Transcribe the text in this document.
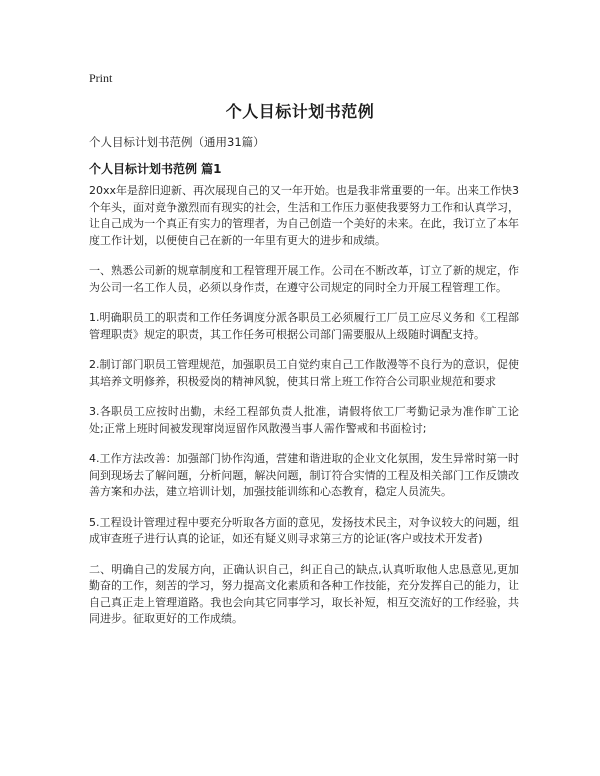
Print
个人目标计划书范例
个人目标计划书范例（通用31篇）
个人目标计划书范例 篇1

20xx年是辞旧迎新、再次展现自己的又一年开始。也是我非常重要的一年。出来工作快3个年头，面对竟争激烈而有现实的社会，生活和工作压力驱使我要努力工作和认真学习，让自己成为一个真正有实力的管理者，为自己创造一个美好的未来。在此，我订立了本年度工作计划，以便使自己在新的一年里有更大的进步和成绩。

一、熟悉公司新的规章制度和工程管理开展工作。公司在不断改革，订立了新的规定，作为公司一名工作人员，必须以身作责，在遵守公司规定的同时全力开展工程管理工作。

1.明确职员工的职责和工作任务调度分派各职员工必须履行工厂员工应尽义务和《工程部管理职责》规定的职责，其工作任务可根据公司部门需要服从上级随时调配支持。

2.制订部门职员工管理规范，加强职员工自觉约束自己工作散漫等不良行为的意识，促使其培养文明修养，积极爱岗的精神风貌，使其日常上班工作符合公司职业规范和要求

3.各职员工应按时出勤，未经工程部负责人批准，请假将依工厂考勤记录为准作旷工论处;正常上班时间被发现窜岗逗留作风散漫当事人需作警戒和书面检讨;

4.工作方法改善：加强部门协作沟通，营建和谐进取的企业文化氛围，发生异常时第一时间到现场去了解问题，分析问题，解决问题，制订符合实情的工程及相关部门工作反馈改善方案和办法，建立培训计划，加强技能训练和心态教育，稳定人员流失。

5.工程设计管理过程中要充分听取各方面的意见，发扬技术民主，对争议较大的问题，组成审查班子进行认真的论证，如还有疑义则寻求第三方的论证(客户或技术开发者)

二、明确自己的发展方向，正确认识自己，纠正自己的缺点,认真听取他人忠恳意见,更加勤奋的工作，刻苦的学习，努力提高文化素质和各种工作技能，充分发挥自己的能力，让自己真正走上管理道路。我也会向其它同事学习，取长补短，相互交流好的工作经验，共同进步。征取更好的工作成绩。
